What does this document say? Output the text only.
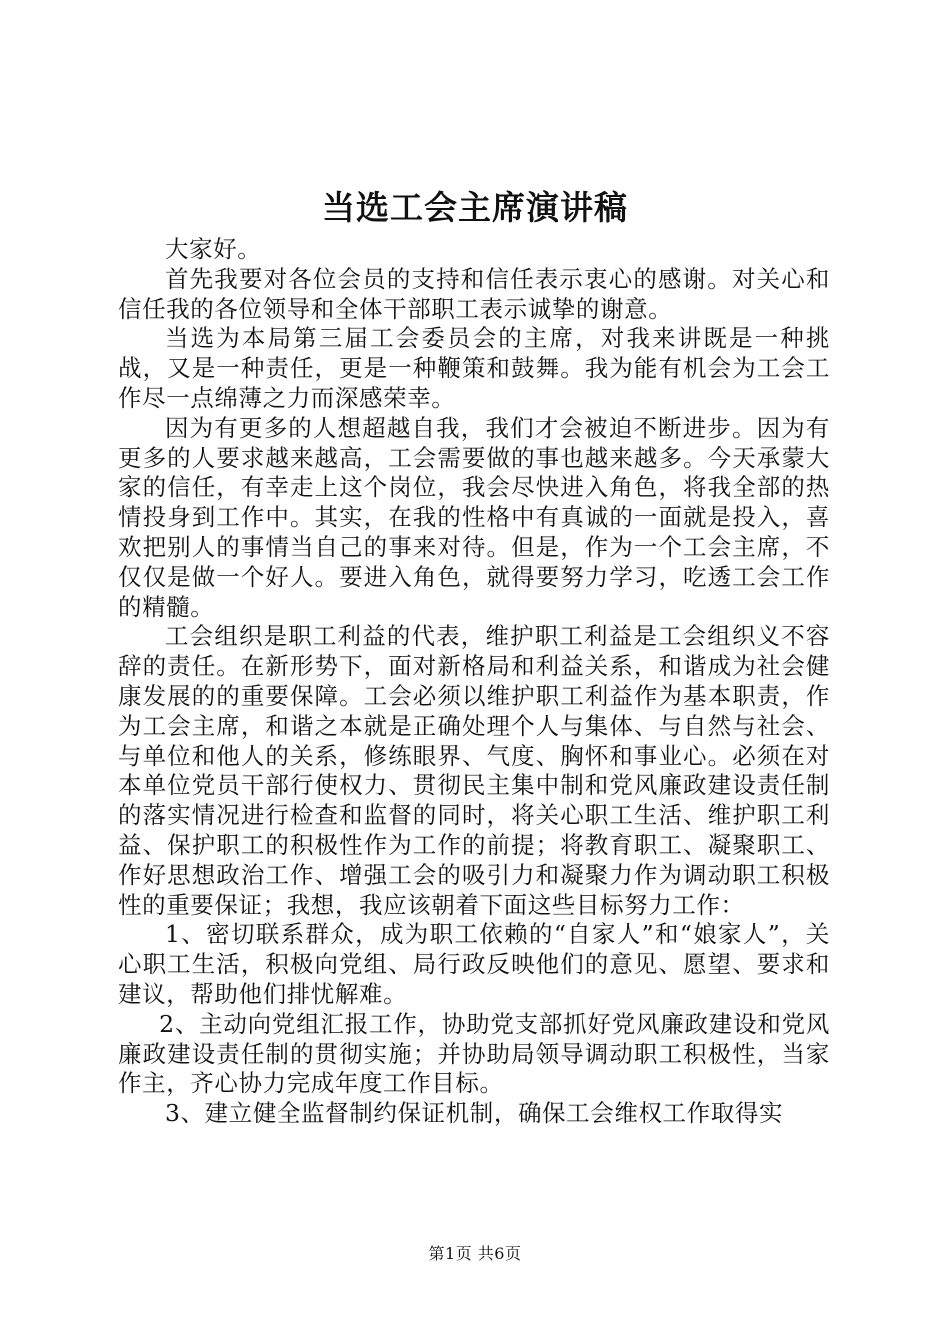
当选工会主席演讲稿

大家好。

首先我要对各位会员的支持和信任表示衷心的感谢。对关心和信任我的各位领导和全体干部职工表示诚挚的谢意。

当选为本局第三届工会委员会的主席，对我来讲既是一种挑战，又是一种责任，更是一种鞭策和鼓舞。我为能有机会为工会工作尽一点绵薄之力而深感荣幸。

因为有更多的人想超越自我，我们才会被迫不断进步。因为有更多的人要求越来越高，工会需要做的事也越来越多。今天承蒙大家的信任，有幸走上这个岗位，我会尽快进入角色，将我全部的热情投身到工作中。其实，在我的性格中有真诚的一面就是投入，喜欢把别人的事情当自己的事来对待。但是，作为一个工会主席，不仅仅是做一个好人。要进入角色，就得要努力学习，吃透工会工作的精髓。

工会组织是职工利益的代表，维护职工利益是工会组织义不容辞的责任。在新形势下，面对新格局和利益关系，和谐成为社会健康发展的的重要保障。工会必须以维护职工利益作为基本职责，作为工会主席，和谐之本就是正确处理个人与集体、与自然与社会、与单位和他人的关系，修练眼界、气度、胸怀和事业心。必须在对本单位党员干部行使权力、贯彻民主集中制和党风廉政建设责任制的落实情况进行检查和监督的同时，将关心职工生活、维护职工利益、保护职工的积极性作为工作的前提；将教育职工、凝聚职工、作好思想政治工作、增强工会的吸引力和凝聚力作为调动职工积极性的重要保证；我想，我应该朝着下面这些目标努力工作：

1、密切联系群众，成为职工依赖的“自家人”和“娘家人”，关心职工生活，积极向党组、局行政反映他们的意见、愿望、要求和建议，帮助他们排忧解难。

2、主动向党组汇报工作，协助党支部抓好党风廉政建设和党风廉政建设责任制的贯彻实施；并协助局领导调动职工积极性，当家作主，齐心协力完成年度工作目标。

3、建立健全监督制约保证机制，确保工会维权工作取得实

第1页 共6页
